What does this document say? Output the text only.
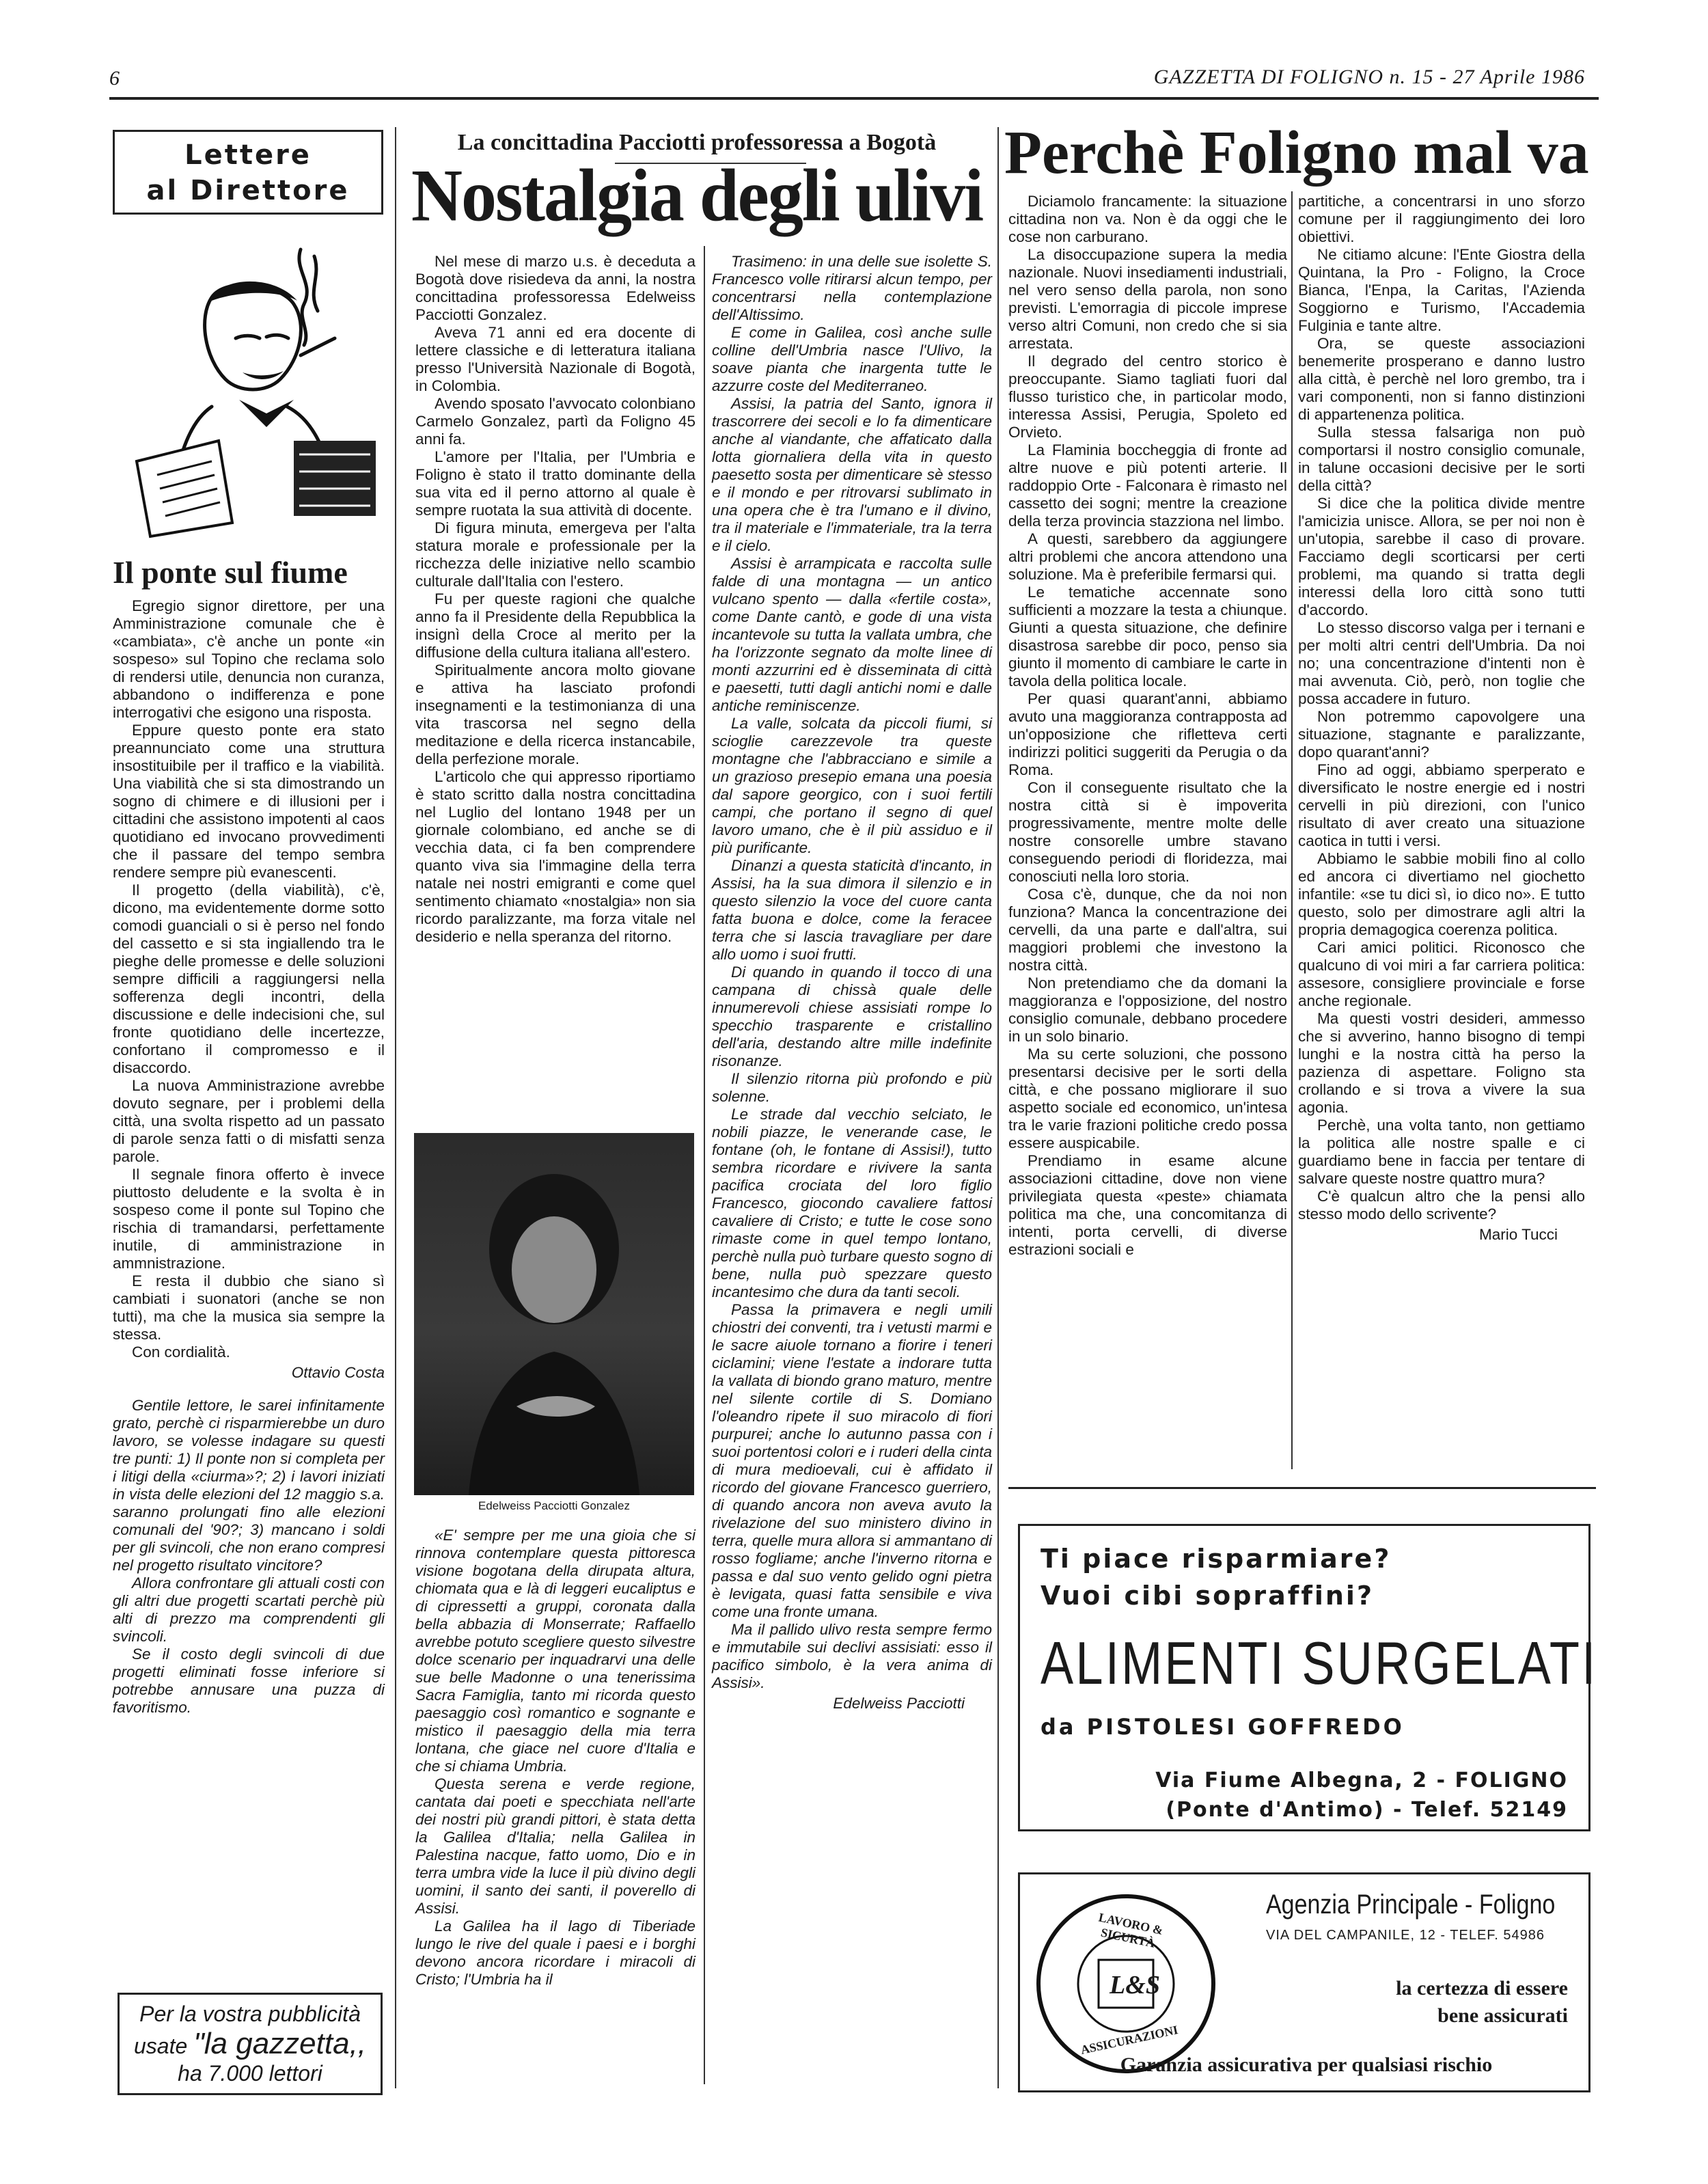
6	GAZZETTA DI FOLIGNO n. 15 - 27 Aprile 1986
Lettere
al Direttore
Il ponte sul fiume

Egregio signor direttore, per una Amministrazione comunale che è «cambiata», c'è anche un ponte «in sospeso» sul Topino che reclama solo di rendersi utile, denuncia non curanza, abbandono o indifferenza e pone interrogativi che esigono una risposta.

Eppure questo ponte era stato preannunciato come una struttura insostituibile per il traffico e la viabilità. Una viabilità che si sta dimostrando un sogno di chimere e di illusioni per i cittadini che assistono impotenti al caos quotidiano ed invocano provvedimenti che il passare del tempo sembra rendere sempre più evanescenti.

Il progetto (della viabilità), c'è, dicono, ma evidentemente dorme sotto comodi guanciali o si è perso nel fondo del cassetto e si sta ingiallendo tra le pieghe delle promesse e delle soluzioni sempre difficili a raggiungersi nella sofferenza degli incontri, della discussione e delle indecisioni che, sul fronte quotidiano delle incertezze, confortano il compromesso e il disaccordo.

La nuova Amministrazione avrebbe dovuto segnare, per i problemi della città, una svolta rispetto ad un passato di parole senza fatti o di misfatti senza parole.

Il segnale finora offerto è invece piuttosto deludente e la svolta è in sospeso come il ponte sul Topino che rischia di tramandarsi, perfettamente inutile, di amministrazione in ammnistrazione.

E resta il dubbio che siano sì cambiati i suonatori (anche se non tutti), ma che la musica sia sempre la stessa.

Con cordialità.

Ottavio Costa

Gentile lettore, le sarei infinitamente grato, perchè ci risparmierebbe un duro lavoro, se volesse indagare su questi tre punti: 1) Il ponte non si completa per i litigi della «ciurma»?; 2) i lavori iniziati in vista delle elezioni del 12 maggio s.a. saranno prolungati fino alle elezioni comunali del '90?; 3) mancano i soldi per gli svincoli, che non erano compresi nel progetto risultato vincitore?

Allora confrontare gli attuali costi con gli altri due progetti scartati perchè più alti di prezzo ma comprendenti gli svincoli.

Se il costo degli svincoli di due progetti eliminati fosse inferiore si potrebbe annusare una puzza di favoritismo.

Per la vostra pubblicità
usate "la gazzetta,,
ha 7.000 lettori
La concittadina Pacciotti professoressa a Bogotà
Nostalgia degli ulivi

Nel mese di marzo u.s. è deceduta a Bogotà dove risiedeva da anni, la nostra concittadina professoressa Edelweiss Pacciotti Gonzalez.

Aveva 71 anni ed era docente di lettere classiche e di letteratura italiana presso l'Università Nazionale di Bogotà, in Colombia.

Avendo sposato l'avvocato colonbiano Carmelo Gonzalez, partì da Foligno 45 anni fa.

L'amore per l'Italia, per l'Umbria e Foligno è stato il tratto dominante della sua vita ed il perno attorno al quale è sempre ruotata la sua attività di docente.

Di figura minuta, emergeva per l'alta statura morale e professionale per la ricchezza delle iniziative nello scambio culturale dall'Italia con l'estero.

Fu per queste ragioni che qualche anno fa il Presidente della Repubblica la insignì della Croce al merito per la diffusione della cultura italiana all'estero.

Spiritualmente ancora molto giovane e attiva ha lasciato profondi insegnamenti e la testimonianza di una vita trascorsa nel segno della meditazione e della ricerca instancabile, della perfezione morale.

L'articolo che qui appresso riportiamo è stato scritto dalla nostra concittadina nel Luglio del lontano 1948 per un giornale colombiano, ed anche se di vecchia data, ci fa ben comprendere quanto viva sia l'immagine della terra natale nei nostri emigranti e come quel sentimento chiamato «nostalgia» non sia ricordo paralizzante, ma forza vitale nel desiderio e nella speranza del ritorno.

Edelweiss Pacciotti Gonzalez

«E' sempre per me una gioia che si rinnova contemplare questa pittoresca visione bogotana della dirupata altura, chiomata qua e là di leggeri eucaliptus e di cipressetti a gruppi, coronata dalla bella abbazia di Monserrate; Raffaello avrebbe potuto scegliere questo silvestre dolce scenario per inquadrarvi una delle sue belle Madonne o una tenerissima Sacra Famiglia, tanto mi ricorda questo paesaggio così romantico e sognante e mistico il paesaggio della mia terra lontana, che giace nel cuore d'Italia e che si chiama Umbria.

Questa serena e verde regione, cantata dai poeti e specchiata nell'arte dei nostri più grandi pittori, è stata detta la Galilea d'Italia; nella Galilea in Palestina nacque, fatto uomo, Dio e in terra umbra vide la luce il più divino degli uomini, il santo dei santi, il poverello di Assisi.

La Galilea ha il lago di Tiberiade lungo le rive del quale i paesi e i borghi devono ancora ricordare i miracoli di Cristo; l'Umbria ha il

Trasimeno: in una delle sue isolette S. Francesco volle ritirarsi alcun tempo, per concentrarsi nella contemplazione dell'Altissimo.

E come in Galilea, così anche sulle colline dell'Umbria nasce l'Ulivo, la soave pianta che inargenta tutte le azzurre coste del Mediterraneo.

Assisi, la patria del Santo, ignora il trascorrere dei secoli e lo fa dimenticare anche al viandante, che affaticato dalla lotta giornaliera della vita in questo paesetto sosta per dimenticare sè stesso e il mondo e per ritrovarsi sublimato in una opera che è tra l'umano e il divino, tra il materiale e l'immateriale, tra la terra e il cielo.

Assisi è arrampicata e raccolta sulle falde di una montagna — un antico vulcano spento — dalla «fertile costa», come Dante cantò, e gode di una vista incantevole su tutta la vallata umbra, che ha l'orizzonte segnato da molte linee di monti azzurrini ed è disseminata di città e paesetti, tutti dagli antichi nomi e dalle antiche reminiscenze.

La valle, solcata da piccoli fiumi, si scioglie carezzevole tra queste montagne che l'abbracciano e simile a un grazioso presepio emana una poesia dal sapore georgico, con i suoi fertili campi, che portano il segno di quel lavoro umano, che è il più assiduo e il più purificante.

Dinanzi a questa staticità d'incanto, in Assisi, ha la sua dimora il silenzio e in questo silenzio la voce del cuore canta fatta buona e dolce, come la feracee terra che si lascia travagliare per dare allo uomo i suoi frutti.

Di quando in quando il tocco di una campana di chissà quale delle innumerevoli chiese assisiati rompe lo specchio trasparente e cristallino dell'aria, destando altre mille indefinite risonanze.

Il silenzio ritorna più profondo e più solenne.

Le strade dal vecchio selciato, le nobili piazze, le venerande case, le fontane (oh, le fontane di Assisi!), tutto sembra ricordare e rivivere la santa pacifica crociata del loro figlio Francesco, giocondo cavaliere fattosi cavaliere di Cristo; e tutte le cose sono rimaste come in quel tempo lontano, perchè nulla può turbare questo sogno di bene, nulla può spezzare questo incantesimo che dura da tanti secoli.

Passa la primavera e negli umili chiostri dei conventi, tra i vetusti marmi e le sacre aiuole tornano a fiorire i teneri ciclamini; viene l'estate a indorare tutta la vallata di biondo grano maturo, mentre nel silente cortile di S. Domiano l'oleandro ripete il suo miracolo di fiori purpurei; anche lo autunno passa con i suoi portentosi colori e i ruderi della cinta di mura medioevali, cui è affidato il ricordo del giovane Francesco guerriero, di quando ancora non aveva avuto la rivelazione del suo ministero divino in terra, quelle mura allora si ammantano di rosso fogliame; anche l'inverno ritorna e passa e dal suo vento gelido ogni pietra è levigata, quasi fatta sensibile e viva come una fronte umana.

Ma il pallido ulivo resta sempre fermo e immutabile sui declivi assisiati: esso il pacifico simbolo, è la vera anima di Assisi».

Edelweiss Pacciotti
Perchè Foligno mal va

Diciamolo francamente: la situazione cittadina non va. Non è da oggi che le cose non carburano.

La disoccupazione supera la media nazionale. Nuovi insediamenti industriali, nel vero senso della parola, non sono previsti. L'emorragia di piccole imprese verso altri Comuni, non credo che si sia arrestata.

Il degrado del centro storico è preoccupante. Siamo tagliati fuori dal flusso turistico che, in particolar modo, interessa Assisi, Perugia, Spoleto ed Orvieto.

La Flaminia boccheggia di fronte ad altre nuove e più potenti arterie. Il raddoppio Orte - Falconara è rimasto nel cassetto dei sogni; mentre la creazione della terza provincia stazziona nel limbo.

A questi, sarebbero da aggiungere altri problemi che ancora attendono una soluzione. Ma è preferibile fermarsi qui.

Le tematiche accennate sono sufficienti a mozzare la testa a chiunque. Giunti a questa situazione, che definire disastrosa sarebbe dir poco, penso sia giunto il momento di cambiare le carte in tavola della politica locale.

Per quasi quarant'anni, abbiamo avuto una maggioranza contrapposta ad un'opposizione che rifletteva certi indirizzi politici suggeriti da Perugia o da Roma.

Con il conseguente risultato che la nostra città si è impoverita progressivamente, mentre molte delle nostre consorelle umbre stavano conseguendo periodi di floridezza, mai conosciuti nella loro storia.

Cosa c'è, dunque, che da noi non funziona? Manca la concentrazione dei cervelli, da una parte e dall'altra, sui maggiori problemi che investono la nostra città.

Non pretendiamo che da domani la maggioranza e l'opposizione, del nostro consiglio comunale, debbano procedere in un solo binario.

Ma su certe soluzioni, che possono presentarsi decisive per le sorti della città, e che possano migliorare il suo aspetto sociale ed economico, un'intesa tra le varie frazioni politiche credo possa essere auspicabile.

Prendiamo in esame alcune associazioni cittadine, dove non viene privilegiata questa «peste» chiamata politica ma che, una concomitanza di intenti, porta cervelli, di diverse estrazioni sociali e

partitiche, a concentrarsi in uno sforzo comune per il raggiungimento dei loro obiettivi.

Ne citiamo alcune: l'Ente Giostra della Quintana, la Pro - Foligno, la Croce Bianca, l'Enpa, la Caritas, l'Azienda Soggiorno e Turismo, l'Accademia Fulginia e tante altre.

Ora, se queste associazioni benemerite prosperano e danno lustro alla città, è perchè nel loro grembo, tra i vari componenti, non si fanno distinzioni di appartenenza politica.

Sulla stessa falsariga non può comportarsi il nostro consiglio comunale, in talune occasioni decisive per le sorti della città?

Si dice che la politica divide mentre l'amicizia unisce. Allora, se per noi non è un'utopia, sarebbe il caso di provare. Facciamo degli scorticarsi per certi problemi, ma quando si tratta degli interessi della loro città sono tutti d'accordo.

Lo stesso discorso valga per i ternani e per molti altri centri dell'Umbria. Da noi no; una concentrazione d'intenti non è mai avvenuta. Ciò, però, non toglie che possa accadere in futuro.

Non potremmo capovolgere una situazione, stagnante e paralizzante, dopo quarant'anni?

Fino ad oggi, abbiamo sperperato e diversificato le nostre energie ed i nostri cervelli in più direzioni, con l'unico risultato di aver creato una situazione caotica in tutti i versi.

Abbiamo le sabbie mobili fino al collo ed ancora ci divertiamo nel giochetto infantile: «se tu dici sì, io dico no». E tutto questo, solo per dimostrare agli altri la propria demagogica coerenza politica.

Cari amici politici. Riconosco che qualcuno di voi miri a far carriera politica: assesore, consigliere provinciale e forse anche regionale.

Ma questi vostri desideri, ammesso che si avverino, hanno bisogno di tempi lunghi e la nostra città ha perso la pazienza di aspettare. Foligno sta crollando e si trova a vivere la sua agonia.

Perchè, una volta tanto, non gettiamo la politica alle nostre spalle e ci guardiamo bene in faccia per tentare di salvare queste nostre quattro mura?

C'è qualcun altro che la pensi allo stesso modo dello scrivente?

Mario Tucci
Ti piace risparmiare?
Vuoi cibi sopraffini?
ALIMENTI SURGELATI
da PISTOLESI GOFFREDO
Via Fiume Albegna, 2 - FOLIGNO
(Ponte d'Antimo) - Telef. 52149
LAVORO & SICURTÀ
L&S
ASSICURAZIONI
Agenzia Principale - Foligno
VIA DEL CAMPANILE, 12 - TELEF. 54986
la certezza di essere
bene assicurati
Garanzia assicurativa per qualsiasi rischio
